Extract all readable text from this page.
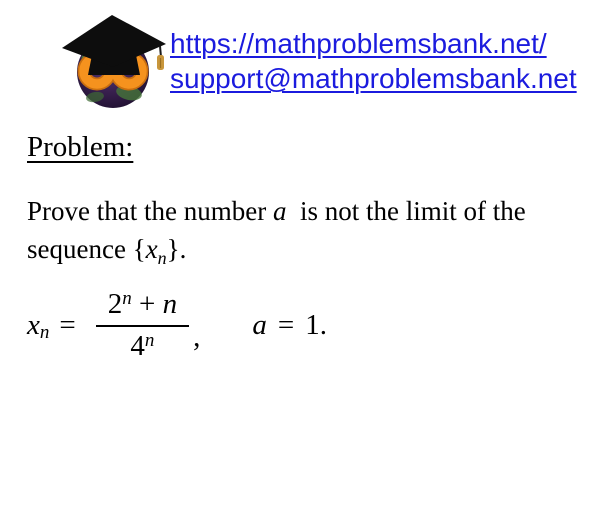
https://mathproblemsbank.net/
support@mathproblemsbank.net
Problem:

Prove that the number a  is not the limit of the
sequence $\{x_n\}$.

x $n = \frac{2^n + n}{4^n}$ , a = 1.
